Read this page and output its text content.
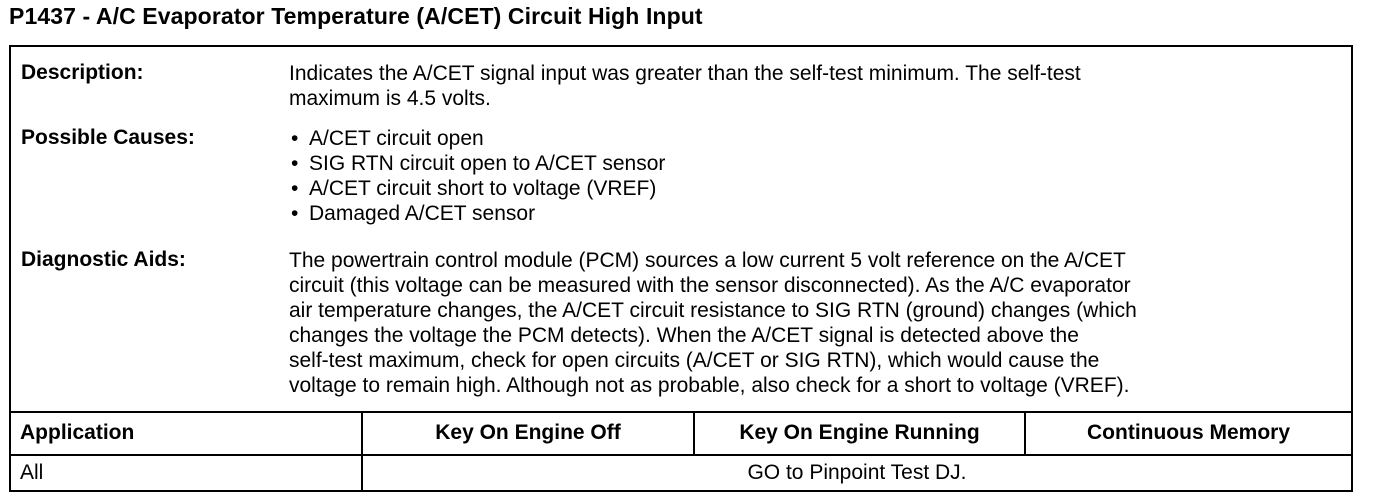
P1437 - A/C Evaporator Temperature (A/CET) Circuit High Input
Description:	Indicates the A/CET signal input was greater than the self-test minimum. The self-test
maximum is 4.5 volts.
Possible Causes:
•	A/CET circuit open
• SIG RTN circuit open to A/CET sensor
• A/CET circuit short to voltage (VREF)
• Damaged A/CET sensor
Diagnostic Aids:	The powertrain control module (PCM) sources a low current 5 volt reference on the A/CET
circuit (this voltage can be measured with the sensor disconnected). As the A/C evaporator
air temperature changes, the A/CET circuit resistance to SIG RTN (ground) changes (which
changes the voltage the PCM detects). When the A/CET signal is detected above the
self-test maximum, check for open circuits (A/CET or SIG RTN), which would cause the
voltage to remain high. Although not as probable, also check for a short to voltage (VREF).
Application	Key On Engine Off	Key On Engine Running	Continuous Memory
All	GO to Pinpoint Test DJ.
